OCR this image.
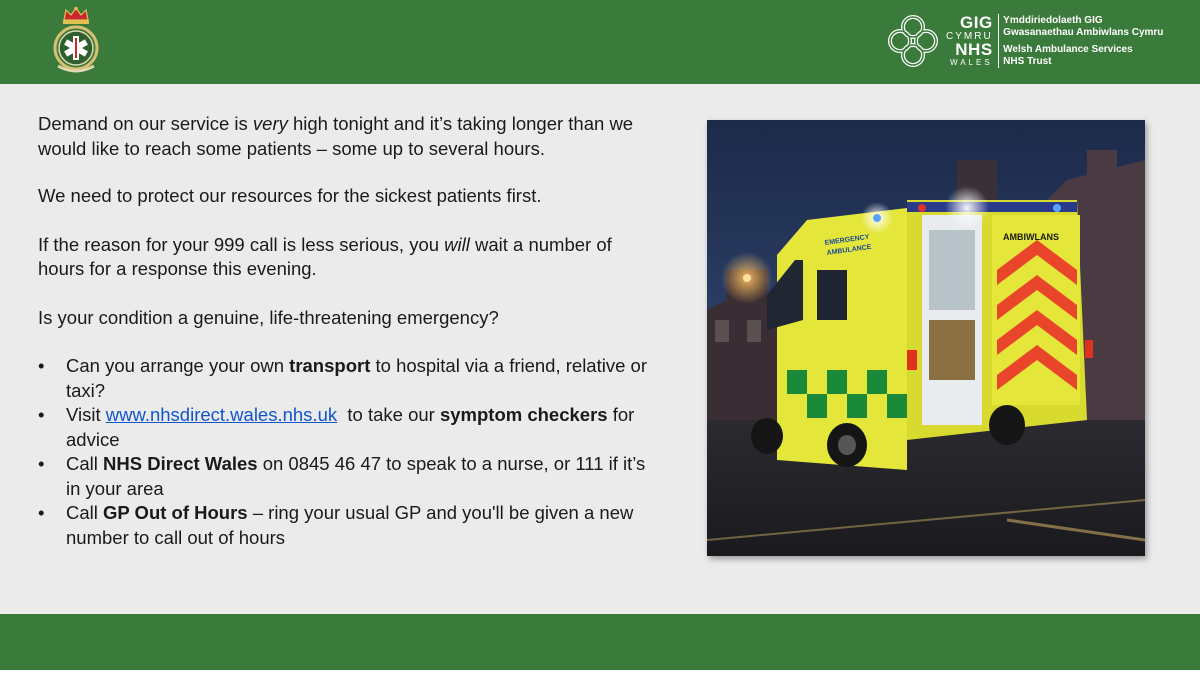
GIG
CYMRU
NHS
WALES
Ymddiriedolaeth GIG
Gwasanaethau Ambiwlans Cymru
Welsh Ambulance Services
NHS Trust

Demand on our service is very high tonight and it’s taking longer than we would like to reach some patients – some up to several hours.

We need to protect our resources for the sickest patients first.

If the reason for your 999 call is less serious, you will wait a number of hours for a response this evening.

Is your condition a genuine, life-threatening emergency?

• Can you arrange your own transport to hospital via a friend, relative or taxi?
• Visit www.nhsdirect.wales.nhs.uk  to take our symptom checkers for advice
• Call NHS Direct Wales on 0845 46 47 to speak to a nurse, or 111 if it’s in your area
• Call GP Out of Hours – ring your usual GP and you'll be given a new number to call out of hours
AMBIWLANS
EMERGENCY
AMBULANCE
